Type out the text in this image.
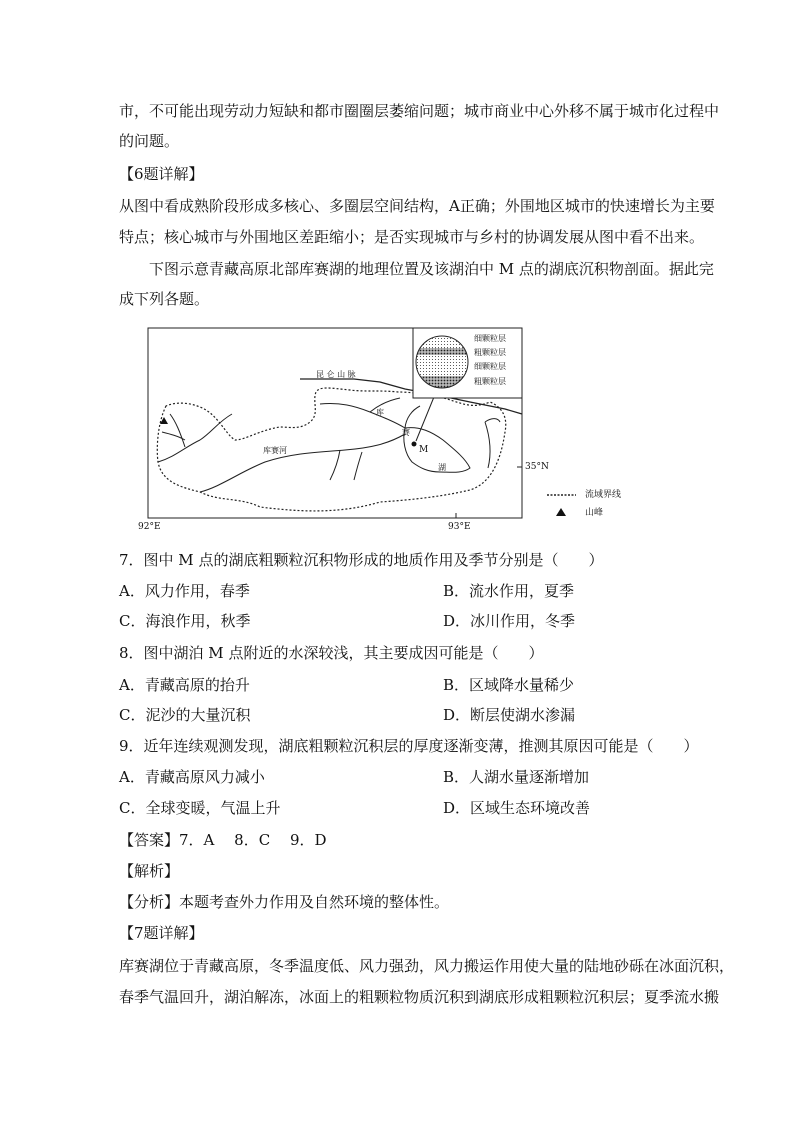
市，不可能出现劳动力短缺和都市圈圈层萎缩问题；城市商业中心外移不属于城市化过程中
的问题。
【6题详解】
从图中看成熟阶段形成多核心、多圈层空间结构，A正确；外围地区城市的快速增长为主要
特点；核心城市与外围地区差距缩小；是否实现城市与乡村的协调发展从图中看不出来。
下图示意青藏高原北部库赛湖的地理位置及该湖泊中 M 点的湖底沉积物剖面。据此完
成下列各题。
昆 仑 山 脉
库
赛
湖
M
库赛河
35°N
92°E	93°E
细颗粒层
粗颗粒层
细颗粒层
粗颗粒层
流域界线
山峰
7．图中 M 点的湖底粗颗粒沉积物形成的地质作用及季节分别是（　　）
A．风力作用，春季	B．流水作用，夏季
C．海浪作用，秋季	D．冰川作用，冬季
8．图中湖泊 M 点附近的水深较浅，其主要成因可能是（　　）
A．青藏高原的抬升	B．区域降水量稀少
C．泥沙的大量沉积	D．断层使湖水渗漏
9．近年连续观测发现，湖底粗颗粒沉积层的厚度逐渐变薄，推测其原因可能是（　　）
A．青藏高原风力减小	B．人湖水量逐渐增加
C．全球变暖，气温上升	D．区域生态环境改善
【答案】7．A　 8．C　 9．D
【解析】
【分析】本题考查外力作用及自然环境的整体性。
【7题详解】
库赛湖位于青藏高原，冬季温度低、风力强劲，风力搬运作用使大量的陆地砂砾在冰面沉积，
春季气温回升，湖泊解冻，冰面上的粗颗粒物质沉积到湖底形成粗颗粒沉积层；夏季流水搬
